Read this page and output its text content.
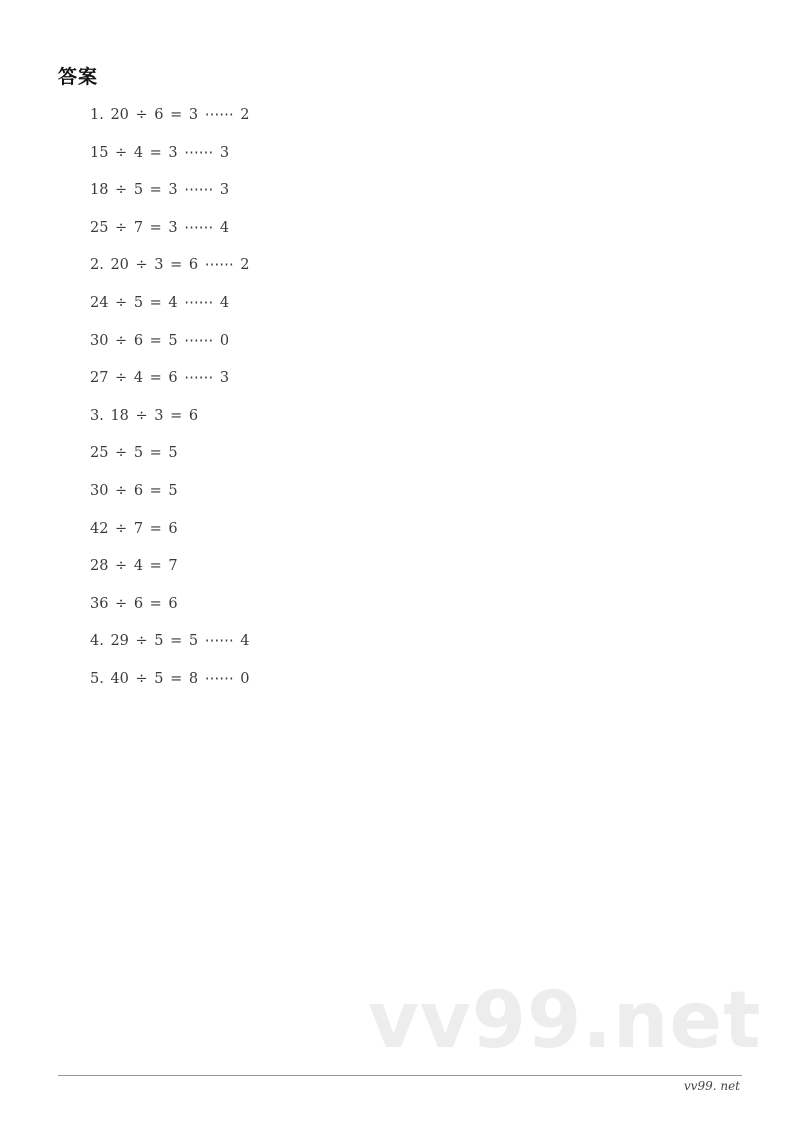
答案
1. 20 ÷ 6 = 3 ⋯⋯ 2
15 ÷ 4 = 3 ⋯⋯ 3
18 ÷ 5 = 3 ⋯⋯ 3
25 ÷ 7 = 3 ⋯⋯ 4
2. 20 ÷ 3 = 6 ⋯⋯ 2
24 ÷ 5 = 4 ⋯⋯ 4
30 ÷ 6 = 5 ⋯⋯ 0
27 ÷ 4 = 6 ⋯⋯ 3
3. 18 ÷ 3 = 6
25 ÷ 5 = 5
30 ÷ 6 = 5
42 ÷ 7 = 6
28 ÷ 4 = 7
36 ÷ 6 = 6
4. 29 ÷ 5 = 5 ⋯⋯ 4
5. 40 ÷ 5 = 8 ⋯⋯ 0
vv99.net
vv99. net
